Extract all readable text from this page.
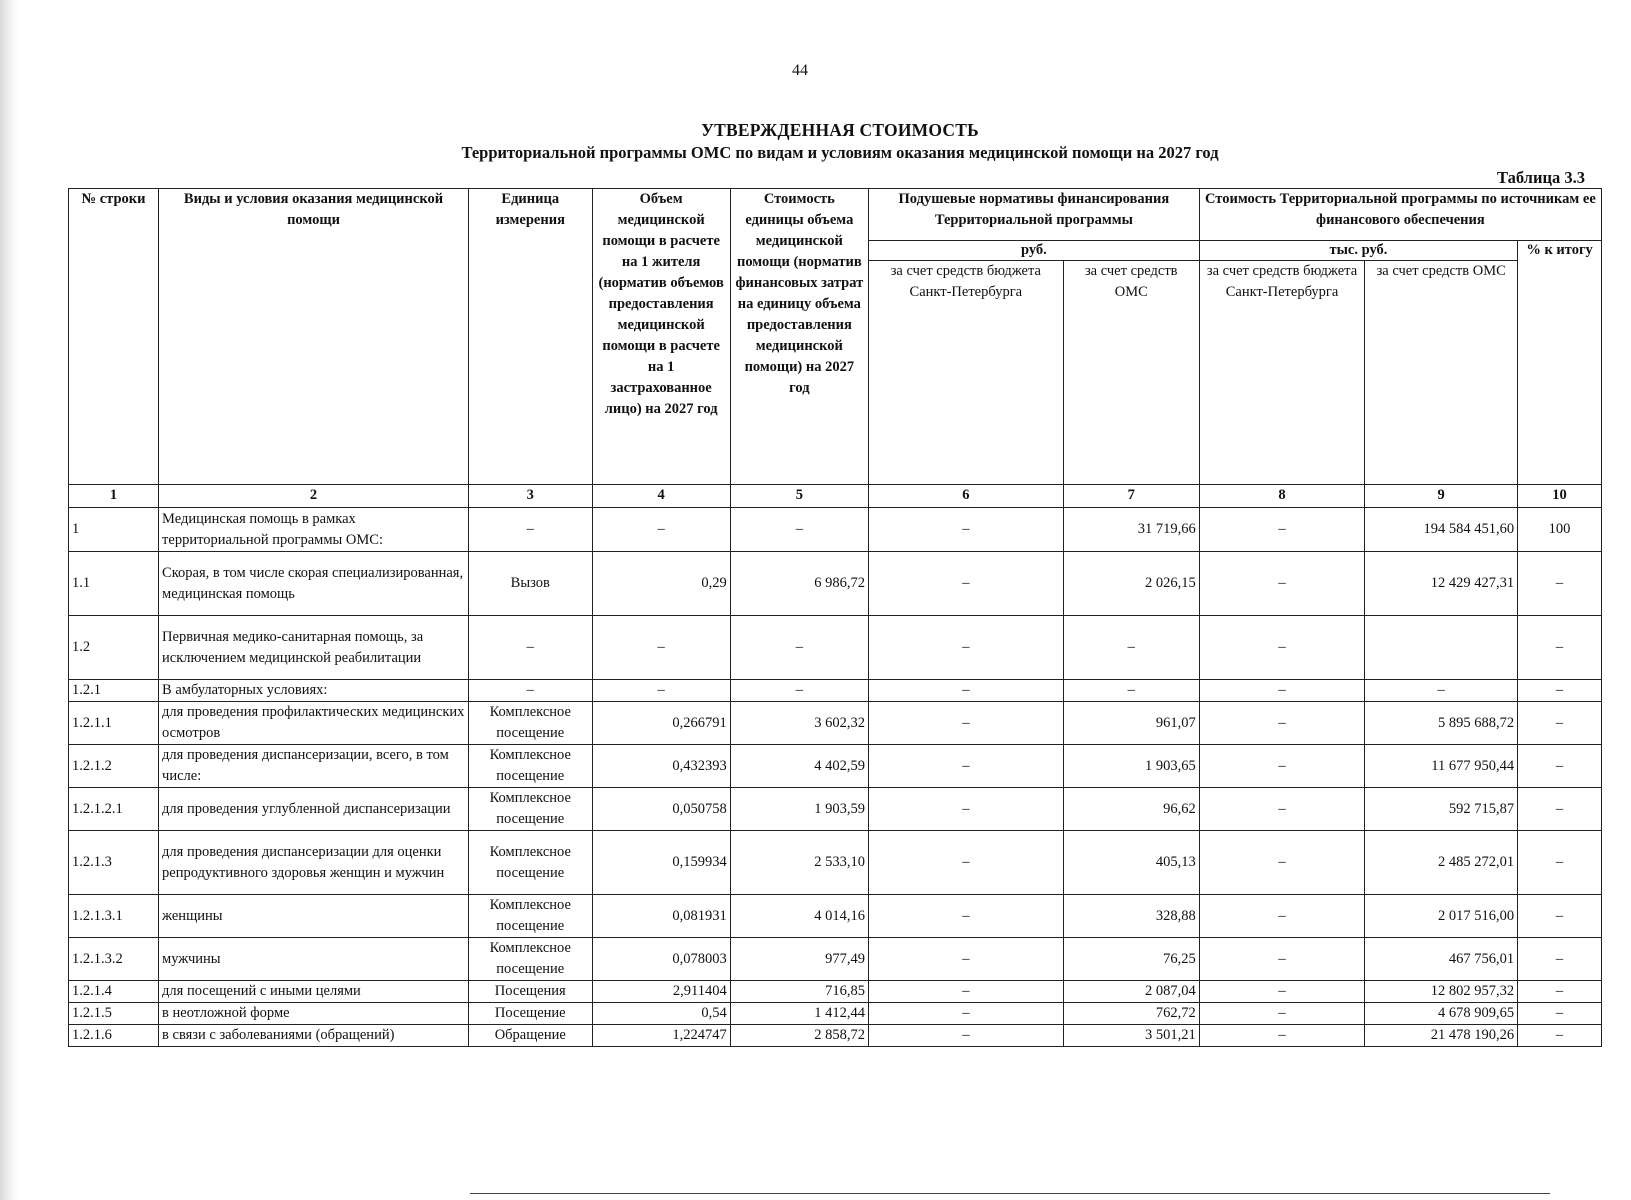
44
УТВЕРЖДЕННАЯ СТОИМОСТЬ
Территориальной программы ОМС по видам и условиям оказания медицинской помощи на 2027 год
Таблица 3.3
№ строки	Виды и условия оказания медицинской помощи	Единица измерения	Объем медицинской помощи в расчете на 1 жителя (норматив объемов предоставления медицинской помощи в расчете на 1 застрахованное лицо) на 2027 год	Стоимость единицы объема медицинской помощи (норматив финансовых затрат на единицу объема предоставления медицинской помощи) на 2027 год	Подушевые нормативы финансирования Территориальной программы		Стоимость Территориальной программы по источникам ее финансового обеспечения		
					руб.		тыс. руб.		% к итогу
					за счет средств бюджета Санкт-Петербурга	за счет средств ОМС	за счет средств бюджета Санкт-Петербурга	за счет средств ОМС	
1	2	3	4	5	6	7	8	9	10
1	Медицинская помощь в рамках территориальной программы ОМС:	–	–	–	–	31 719,66	–	194 584 451,60	100
1.1	Скорая, в том числе скорая специализированная, медицинская помощь	Вызов	0,29	6 986,72	–	2 026,15	–	12 429 427,31	–
1.2	Первичная медико-санитарная помощь, за исключением медицинской реабилитации	–	–	–	–	–	–		–
1.2.1	В амбулаторных условиях:	–	–	–	–	–	–	–	–
1.2.1.1	для проведения профилактических медицинских осмотров	Комплексное посещение	0,266791	3 602,32	–	961,07	–	5 895 688,72	–
1.2.1.2	для проведения диспансеризации, всего, в том числе:	Комплексное посещение	0,432393	4 402,59	–	1 903,65	–	11 677 950,44	–
1.2.1.2.1	для проведения углубленной диспансеризации	Комплексное посещение	0,050758	1 903,59	–	96,62	–	592 715,87	–
1.2.1.3	для проведения диспансеризации для оценки репродуктивного здоровья женщин и мужчин	Комплексное посещение	0,159934	2 533,10	–	405,13	–	2 485 272,01	–
1.2.1.3.1	женщины	Комплексное посещение	0,081931	4 014,16	–	328,88	–	2 017 516,00	–
1.2.1.3.2	мужчины	Комплексное посещение	0,078003	977,49	–	76,25	–	467 756,01	–
1.2.1.4	для посещений с иными целями	Посещения	2,911404	716,85	–	2 087,04	–	12 802 957,32	–
1.2.1.5	в неотложной форме	Посещение	0,54	1 412,44	–	762,72	–	4 678 909,65	–
1.2.1.6	в связи с заболеваниями (обращений)	Обращение	1,224747	2 858,72	–	3 501,21	–	21 478 190,26	–
